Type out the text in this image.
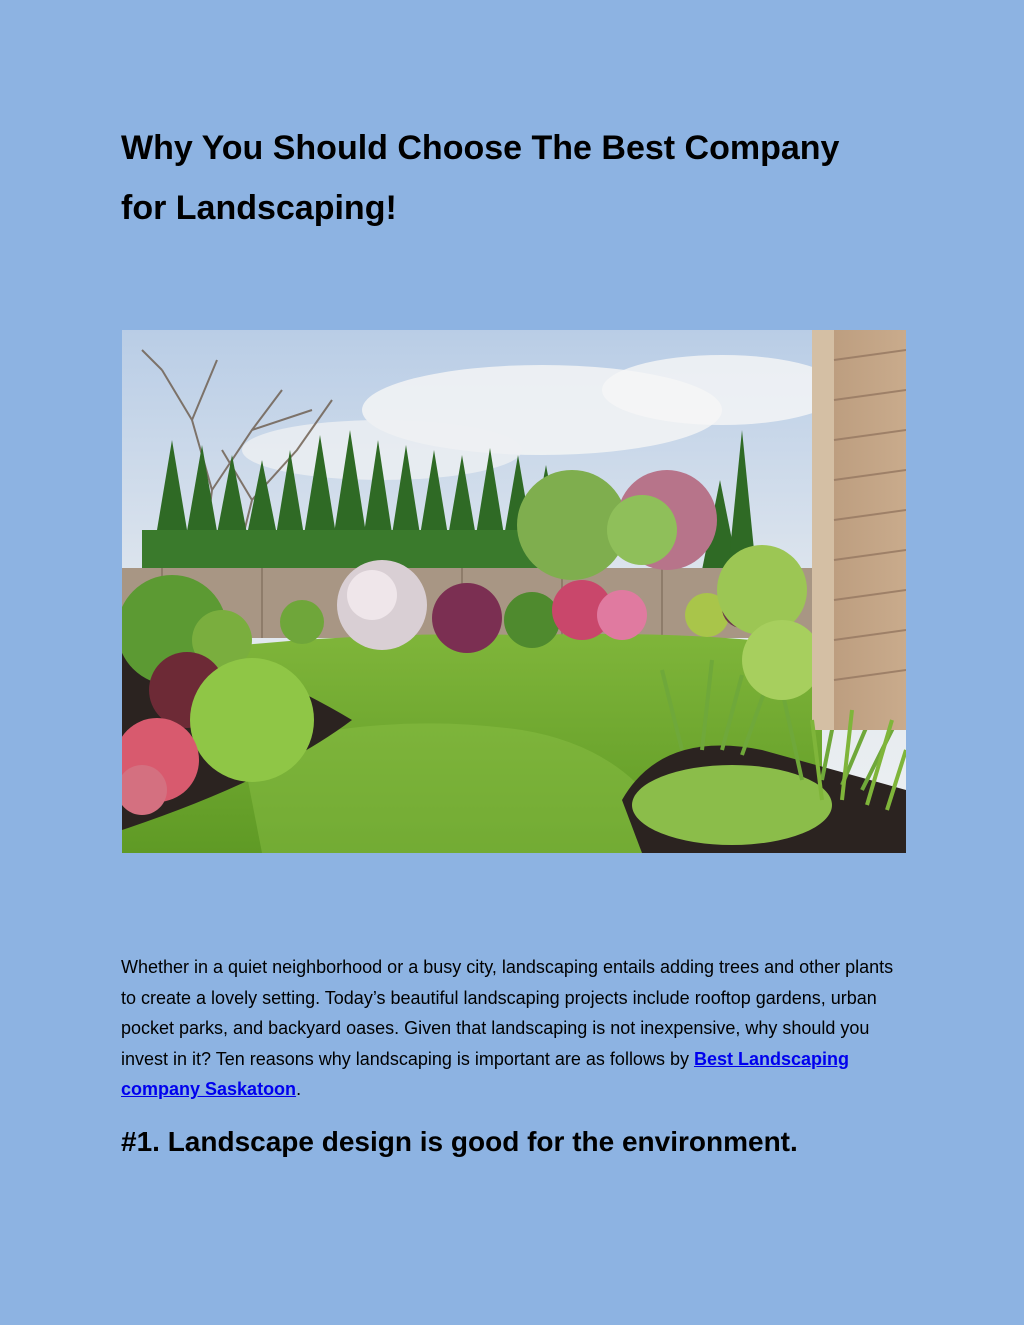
Why You Should Choose The Best Company
for Landscaping!

Whether in a quiet neighborhood or a busy city, landscaping entails adding trees and other plants to create a lovely setting. Today’s beautiful landscaping projects include rooftop gardens, urban pocket parks, and backyard oases. Given that landscaping is not inexpensive, why should you invest in it? Ten reasons why landscaping is important are as follows by Best Landscaping company Saskatoon.

#1. Landscape design is good for the environment.
